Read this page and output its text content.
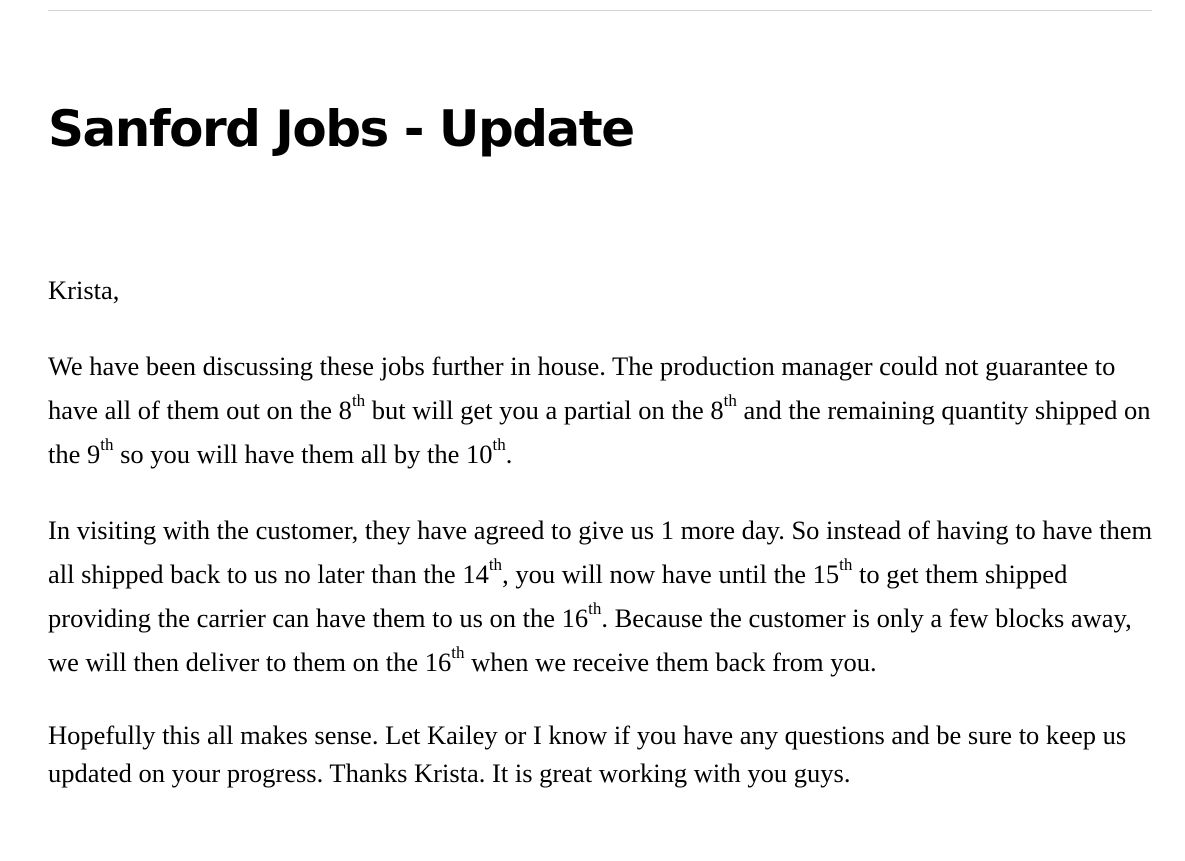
Sanford Jobs - Update

Krista,

We have been discussing these jobs further in house. The production manager could not guarantee to have all of them out on the 8th but will get you a partial on the 8th and the remaining quantity shipped on the 9th so you will have them all by the 10th.

In visiting with the customer, they have agreed to give us 1 more day. So instead of having to have them all shipped back to us no later than the 14th, you will now have until the 15th to get them shipped providing the carrier can have them to us on the 16th. Because the customer is only a few blocks away, we will then deliver to them on the 16th when we receive them back from you.

Hopefully this all makes sense. Let Kailey or I know if you have any questions and be sure to keep us updated on your progress. Thanks Krista. It is great working with you guys.
